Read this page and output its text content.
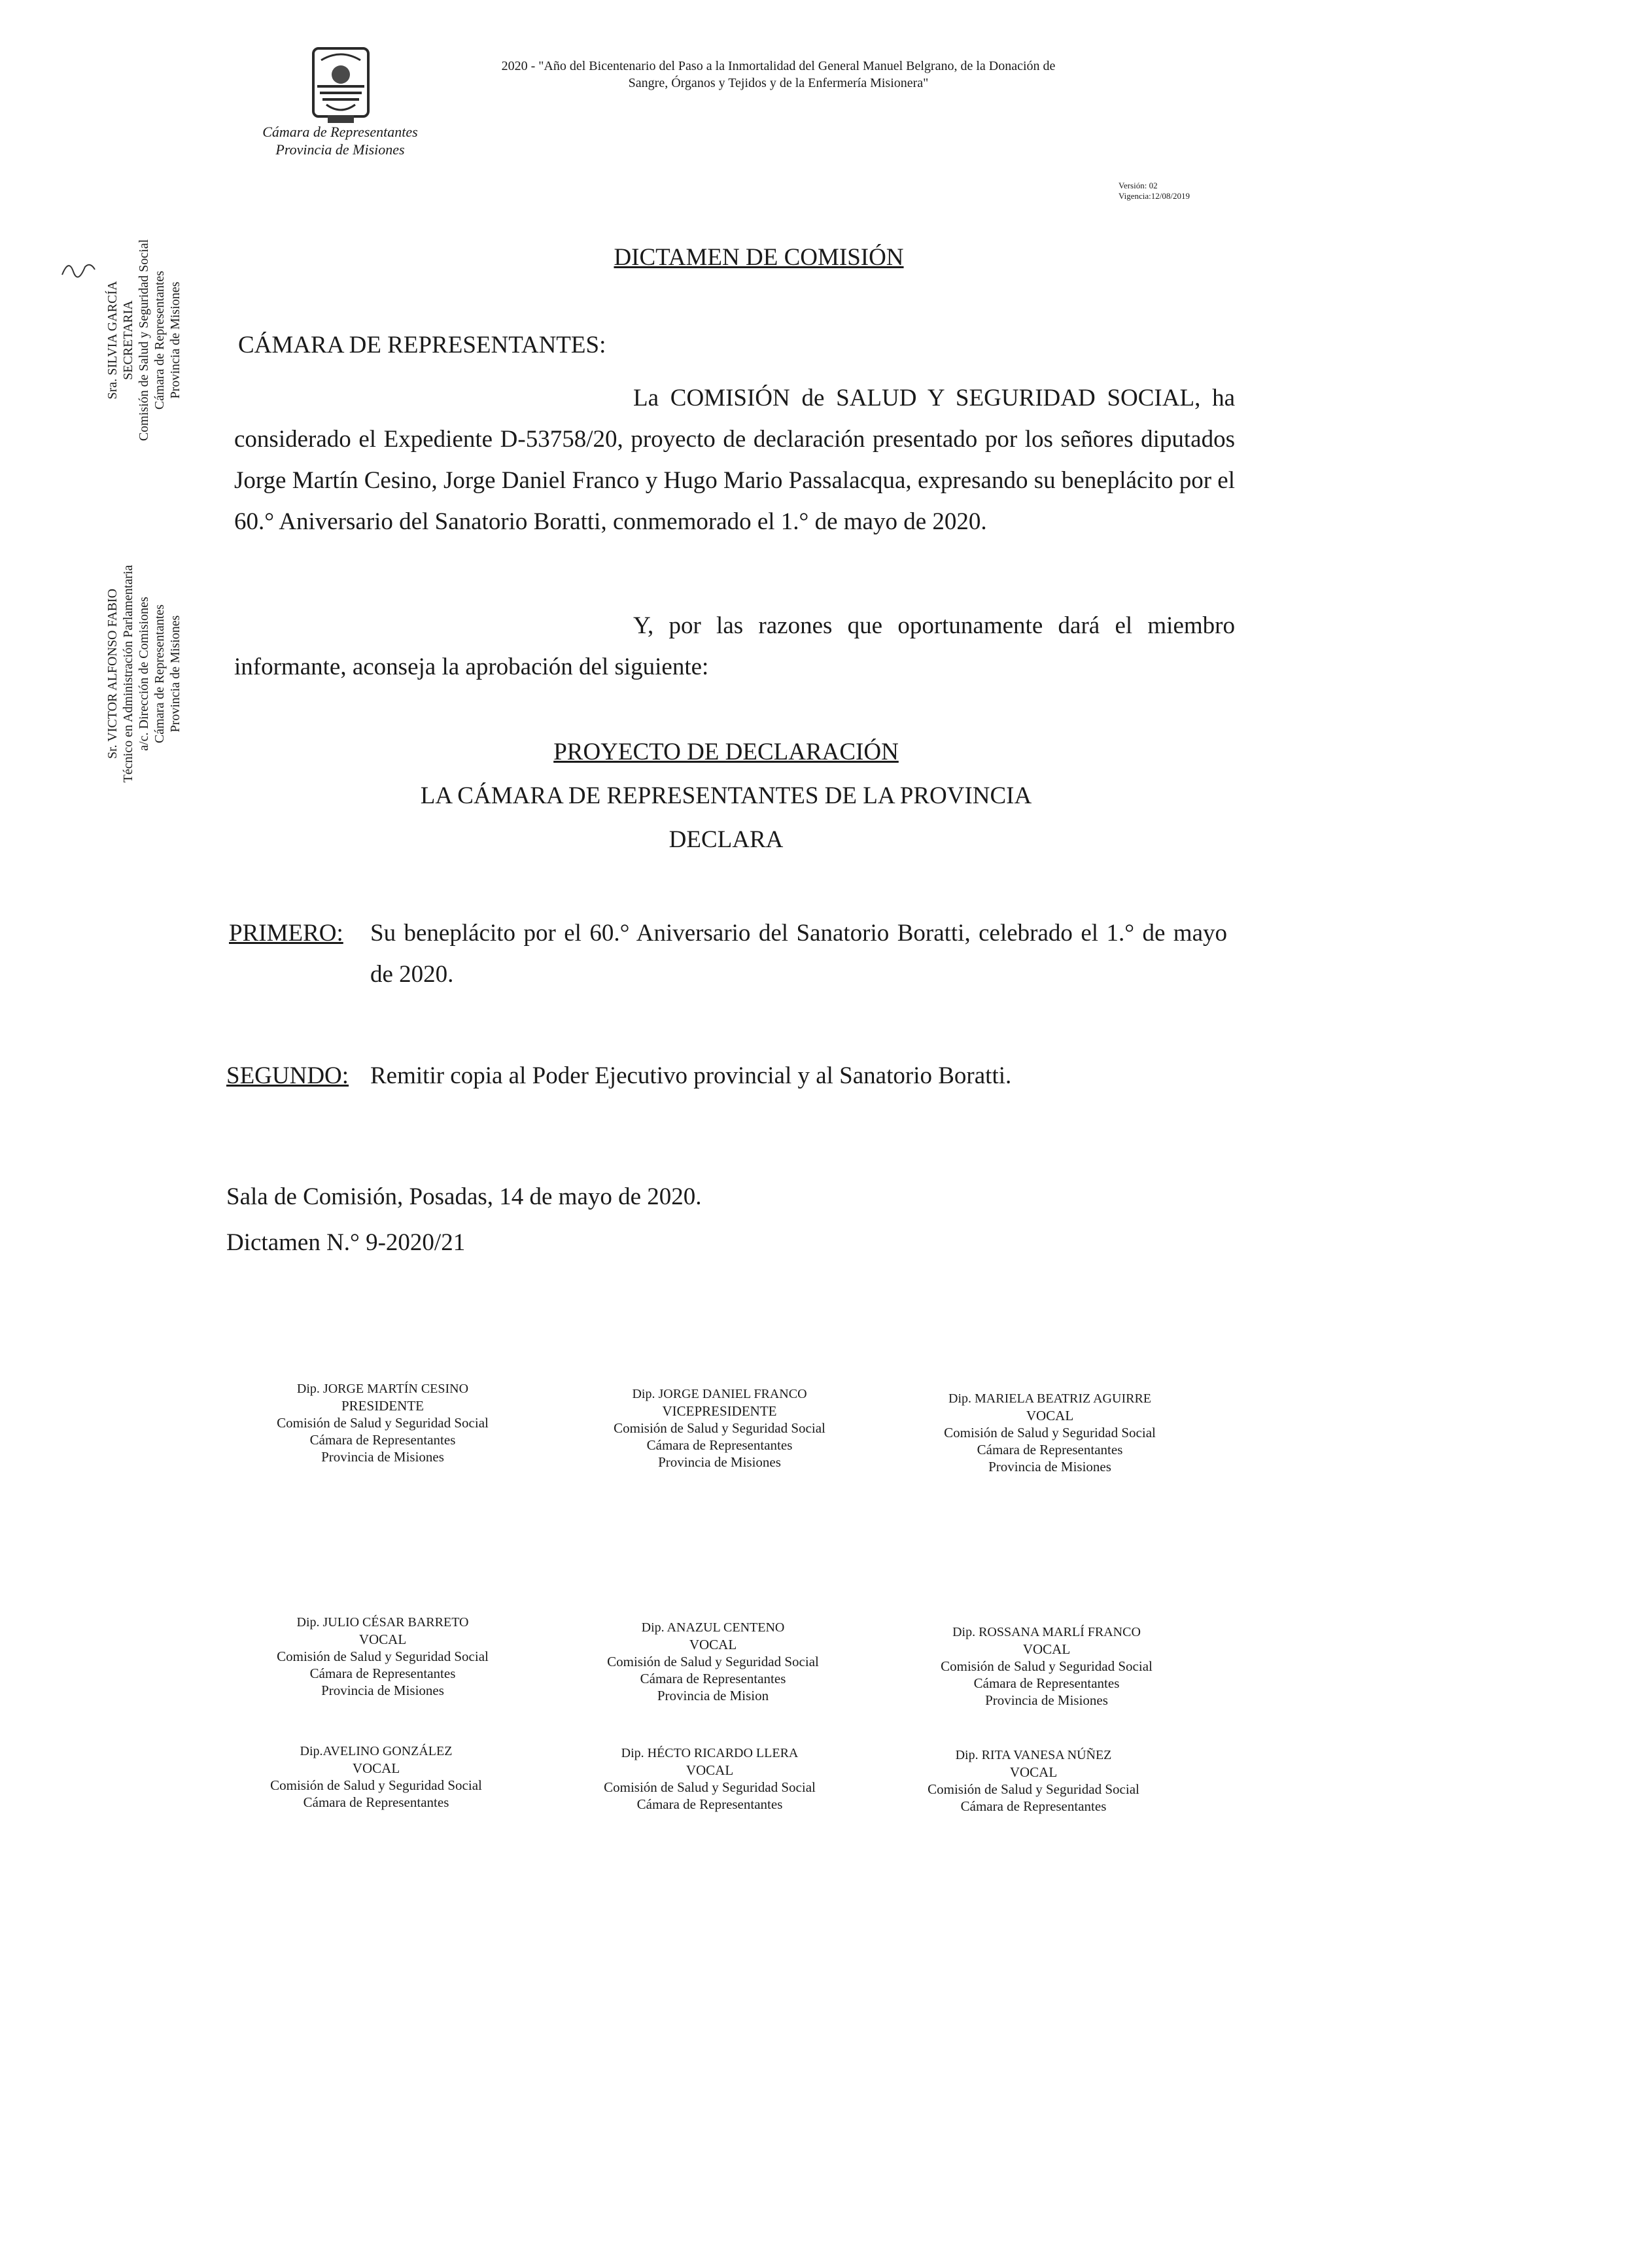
Cámara de Representantes
Provincia de Misiones
2020 - "Año del Bicentenario del Paso a la Inmortalidad del General Manuel Belgrano, de la Donación de
Sangre, Órganos y Tejidos y de la Enfermería Misionera"
Versión: 02
Vigencia:12/08/2019
Sra. SILVIA GARCÍA SECRETARIA Comisión de Salud y Seguridad Social Cámara de Representantes Provincia de Misiones
Sr. VICTOR ALFONSO FABIO Técnico en Administración Parlamentaria a/c. Dirección de Comisiones Cámara de Representantes Provincia de Misiones
DICTAMEN DE COMISIÓN
CÁMARA DE REPRESENTANTES:
La COMISIÓN de SALUD Y SEGURIDAD SOCIAL, ha considerado el Expediente D-53758/20, proyecto de declaración presentado por los señores diputados Jorge Martín Cesino, Jorge Daniel Franco y Hugo Mario Passalacqua, expresando su beneplácito por el 60.° Aniversario del Sanatorio Boratti, conmemorado el 1.° de mayo de 2020.
Y, por las razones que oportunamente dará el miembro informante, aconseja la aprobación del siguiente:
PROYECTO DE DECLARACIÓN
LA CÁMARA DE REPRESENTANTES DE LA PROVINCIA
DECLARA
PRIMERO: Su beneplácito por el 60.° Aniversario del Sanatorio Boratti, celebrado el 1.° de mayo de 2020.
SEGUNDO: Remitir copia al Poder Ejecutivo provincial y al Sanatorio Boratti.
Sala de Comisión, Posadas, 14 de mayo de 2020.
Dictamen N.° 9-2020/21
Dip. JORGE MARTÍN CESINO
PRESIDENTE
Comisión de Salud y Seguridad Social
Cámara de Representantes
Provincia de Misiones
Dip. JORGE DANIEL FRANCO
VICEPRESIDENTE
Comisión de Salud y Seguridad Social
Cámara de Representantes
Provincia de Misiones
Dip. MARIELA BEATRIZ AGUIRRE
VOCAL
Comisión de Salud y Seguridad Social
Cámara de Representantes
Provincia de Misiones
Dip. JULIO CÉSAR BARRETO
VOCAL
Comisión de Salud y Seguridad Social
Cámara de Representantes
Provincia de Misiones
Dip. ANAZUL CENTENO
VOCAL
Comisión de Salud y Seguridad Social
Cámara de Representantes
Provincia de Mision
Dip. ROSSANA MARLÍ FRANCO
VOCAL
Comisión de Salud y Seguridad Social
Cámara de Representantes
Provincia de Misiones
Dip.AVELINO GONZÁLEZ
VOCAL
Comisión de Salud y Seguridad Social
Cámara de Representantes
Dip. HÉCTO RICARDO LLERA
VOCAL
Comisión de Salud y Seguridad Social
Cámara de Representantes
Dip. RITA VANESA NÚÑEZ
VOCAL
Comisión de Salud y Seguridad Social
Cámara de Representantes
